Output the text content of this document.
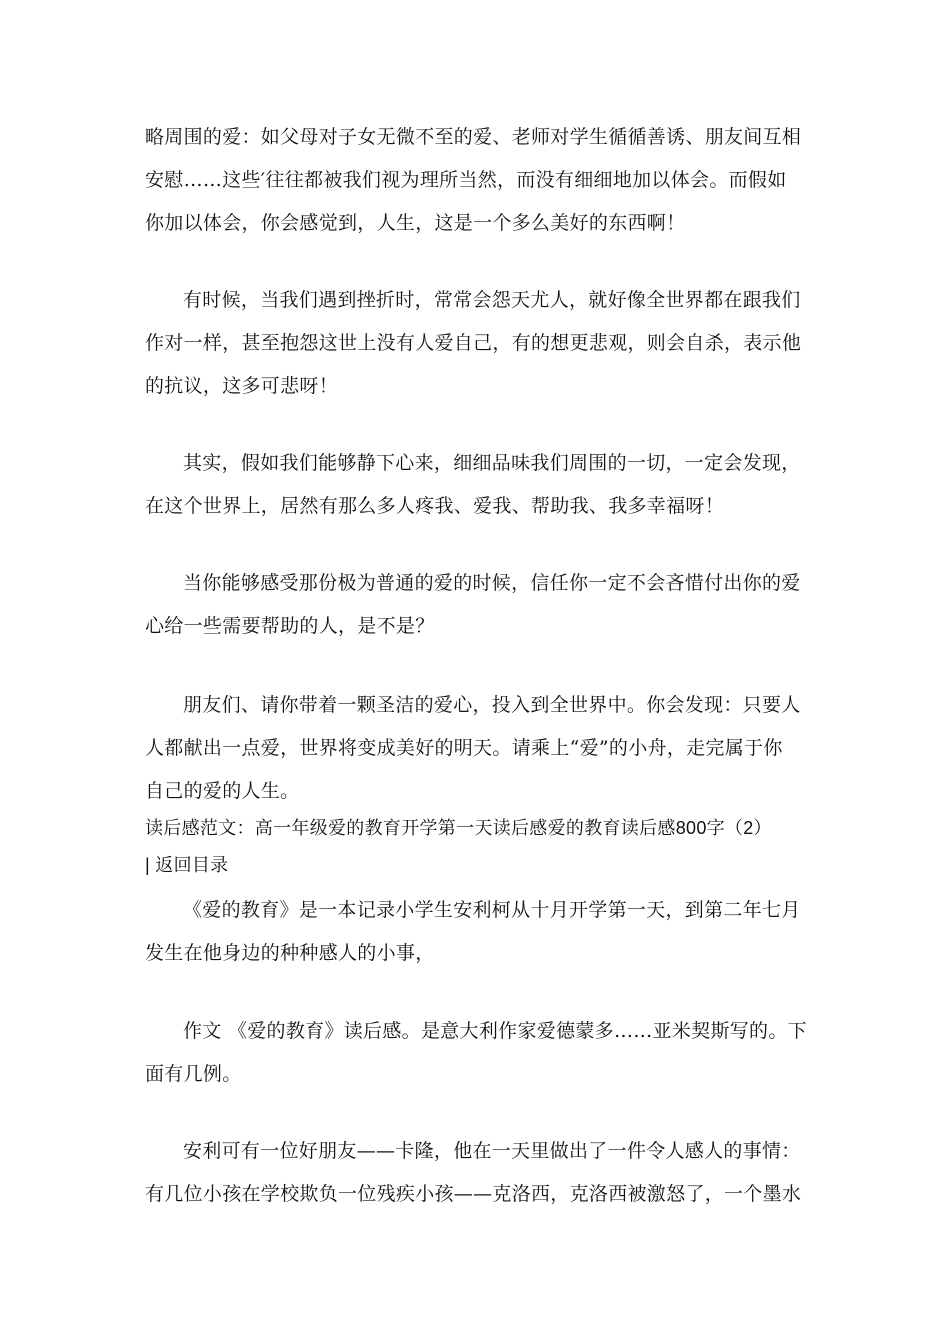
略周围的爱：如父母对子女无微不至的爱、老师对学生循循善诱、朋友间互相
安慰……这些′往往都被我们视为理所当然，而没有细细地加以体会。而假如
你加以体会，你会感觉到，人生，这是一个多么美好的东西啊！
有时候，当我们遇到挫折时，常常会怨天尤人，就好像全世界都在跟我们
作对一样，甚至抱怨这世上没有人爱自己，有的想更悲观，则会自杀，表示他
的抗议，这多可悲呀！
其实，假如我们能够静下心来，细细品味我们周围的一切，一定会发现，
在这个世界上，居然有那么多人疼我、爱我、帮助我、我多幸福呀！
当你能够感受那份极为普通的爱的时候，信任你一定不会吝惜付出你的爱
心给一些需要帮助的人，是不是？
朋友们、请你带着一颗圣洁的爱心，投入到全世界中。你会发现：只要人
人都献出一点爱，世界将变成美好的明天。请乘上“爱”的小舟，走完属于你
自己的爱的人生。
读后感范文：高一年级爱的教育开学第一天读后感爱的教育读后感800字（2）
| 返回目录
《爱的教育》是一本记录小学生安利柯从十月开学第一天，到第二年七月
发生在他身边的种种感人的小事，
作文 《爱的教育》读后感。是意大利作家爱德蒙多……亚米契斯写的。下
面有几例。
安利可有一位好朋友——卡隆，他在一天里做出了一件令人感人的事情：
有几位小孩在学校欺负一位残疾小孩——克洛西，克洛西被激怒了，一个墨水
